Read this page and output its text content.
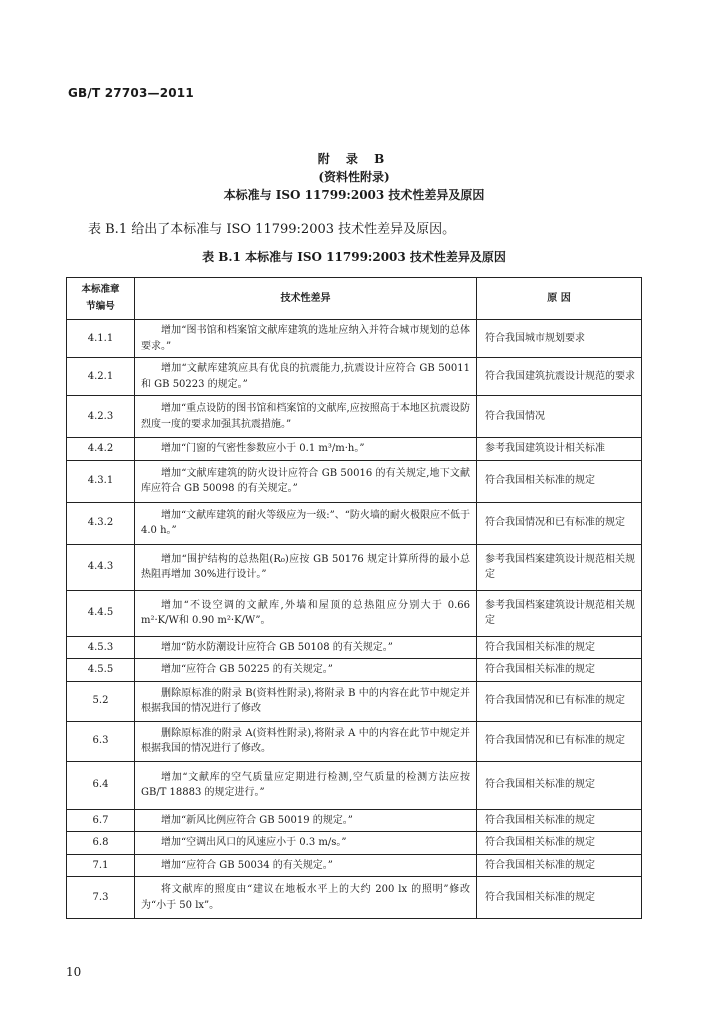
GB/T 27703—2011
附 录 B
(资料性附录)
本标准与 ISO 11799:2003 技术性差异及原因
表 B.1 给出了本标准与 ISO 11799:2003 技术性差异及原因。
表 B.1 本标准与 ISO 11799:2003 技术性差异及原因
本标准章
节编号	技术性差异	原 因
4.1.1	增加“图书馆和档案馆文献库建筑的选址应纳入并符合城市规划的总体要求。”	符合我国城市规划要求
4.2.1	增加“文献库建筑应具有优良的抗震能力,抗震设计应符合 GB 50011 和 GB 50223 的规定。”	符合我国建筑抗震设计规范的要求
4.2.3	增加“重点设防的图书馆和档案馆的文献库,应按照高于本地区抗震设防烈度一度的要求加强其抗震措施。”	符合我国情况
4.4.2	增加“门窗的气密性参数应小于 0.1 m³/m·h。”	参考我国建筑设计相关标准
4.3.1	增加“文献库建筑的防火设计应符合 GB 50016 的有关规定,地下文献库应符合 GB 50098 的有关规定。”	符合我国相关标准的规定
4.3.2	增加“文献库建筑的耐火等级应为一级:”、“防火墙的耐火极限应不低于 4.0 h。”	符合我国情况和已有标准的规定
4.4.3	增加“围护结构的总热阻(R₀)应按 GB 50176 规定计算所得的最小总热阻再增加 30%进行设计。”	参考我国档案建筑设计规范相关规定
4.4.5	增加“不设空调的文献库,外墙和屋顶的总热阻应分别大于 0.66 m²·K/W和 0.90 m²·K/W”。	参考我国档案建筑设计规范相关规定
4.5.3	增加“防水防潮设计应符合 GB 50108 的有关规定。”	符合我国相关标准的规定
4.5.5	增加“应符合 GB 50225 的有关规定。”	符合我国相关标准的规定
5.2	删除原标准的附录 B(资料性附录),将附录 B 中的内容在此节中规定并根据我国的情况进行了修改	符合我国情况和已有标准的规定
6.3	删除原标准的附录 A(资料性附录),将附录 A 中的内容在此节中规定并根据我国的情况进行了修改。	符合我国情况和已有标准的规定
6.4	增加“文献库的空气质量应定期进行检测,空气质量的检测方法应按 GB/T 18883 的规定进行。”	符合我国相关标准的规定
6.7	增加“新风比例应符合 GB 50019 的规定。”	符合我国相关标准的规定
6.8	增加“空调出风口的风速应小于 0.3 m/s。”	符合我国相关标准的规定
7.1	增加“应符合 GB 50034 的有关规定。”	符合我国相关标准的规定
7.3	将文献库的照度由“建议在地板水平上的大约 200 lx 的照明”修改为“小于 50 lx”。	符合我国相关标准的规定
10
